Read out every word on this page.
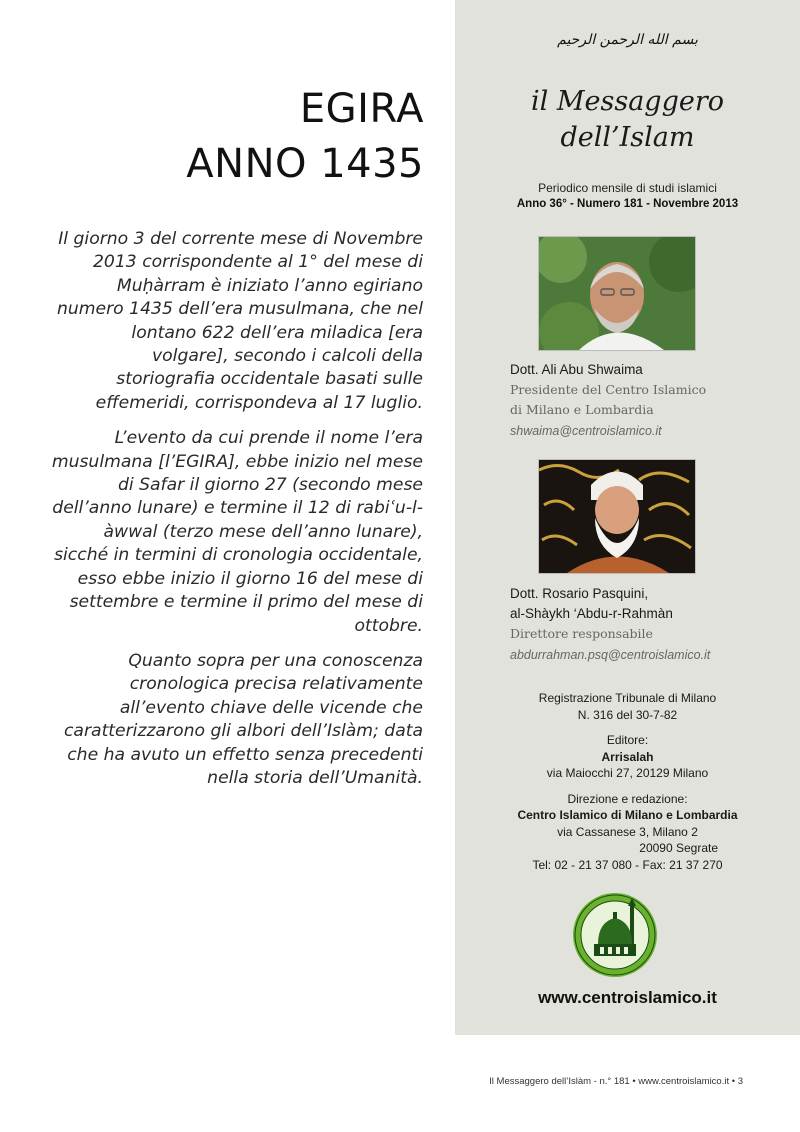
EGIRA
ANNO 1435

Il giorno 3 del corrente mese di Novembre 2013 corrispondente al 1° del mese di Muḥàrram è iniziato l’anno egiriano numero 1435 dell’era musulmana, che nel lontano 622 dell’era miladica [era volgare], secondo i calcoli della storiografia occidentale basati sulle effemeridi, corrispondeva al 17 luglio.

L’evento da cui prende il nome l’era musulmana [l’EGIRA], ebbe inizio nel mese di Safar il giorno 27 (secondo mese dell’anno lunare) e termine il 12 di rabiʿu-l-àwwal (terzo mese dell’anno lunare), sicché in termini di cronologia occidentale, esso ebbe inizio il giorno 16 del mese di settembre e termine il primo del mese di ottobre.

Quanto sopra per una conoscenza cronologica precisa relativamente all’evento chiave delle vicende che caratterizzarono gli albori dell’Islàm; data che ha avuto un effetto senza precedenti nella storia dell’Umanità.

بسم الله الرحمن الرحيم
il Messaggero
dell’Islam
Periodico mensile di studi islamici
Anno 36° - Numero 181 - Novembre 2013
Dott. Ali Abu Shwaima
Presidente del Centro Islamico
di Milano e Lombardia
shwaima@centroislamico.it
Dott. Rosario Pasquini,
al-Shàykh ‘Abdu-r-Rahmàn
Direttore responsabile
abdurrahman.psq@centroislamico.it
Registrazione Tribunale di Milano
N. 316 del 30-7-82
Editore:
Arrisalah
via Maiocchi 27, 20129 Milano
Direzione e redazione:
Centro Islamico di Milano e Lombardia
via Cassanese 3, Milano 2
20090 Segrate
Tel: 02 - 21 37 080 - Fax: 21 37 270
www.centroislamico.it
Il Messaggero dell’Islàm - n.° 181 • www.centroislamico.it • 3
